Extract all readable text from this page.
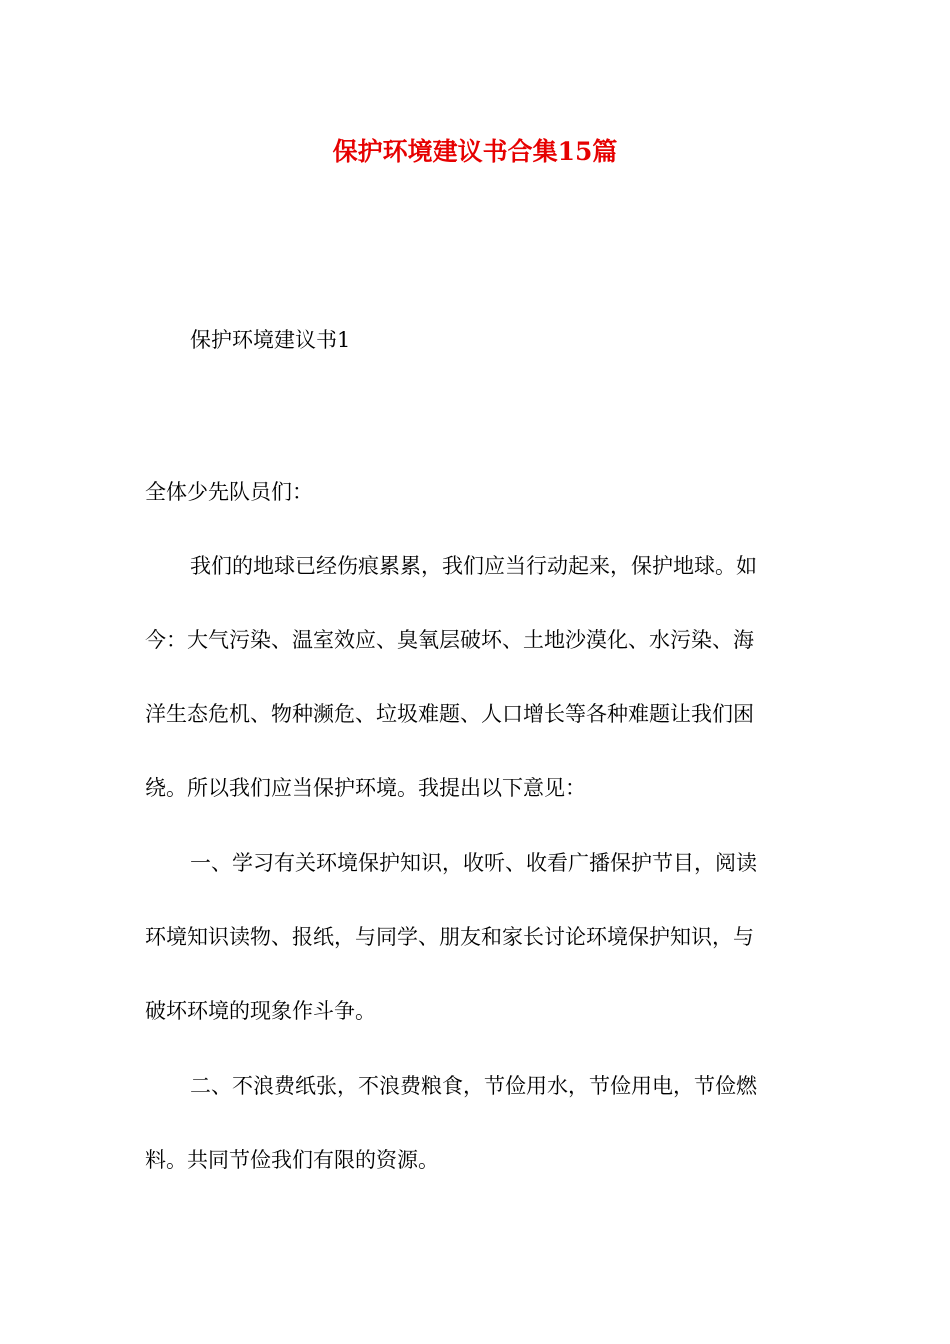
保护环境建议书合集15篇

保护环境建议书1

全体少先队员们：

我们的地球已经伤痕累累，我们应当行动起来，保护地球。如

今：大气污染、温室效应、臭氧层破坏、土地沙漠化、水污染、海

洋生态危机、物种濒危、垃圾难题、人口增长等各种难题让我们困

绕。所以我们应当保护环境。我提出以下意见：

一、学习有关环境保护知识，收听、收看广播保护节目，阅读

环境知识读物、报纸，与同学、朋友和家长讨论环境保护知识，与

破坏环境的现象作斗争。

二、不浪费纸张，不浪费粮食，节俭用水，节俭用电，节俭燃

料。共同节俭我们有限的资源。
